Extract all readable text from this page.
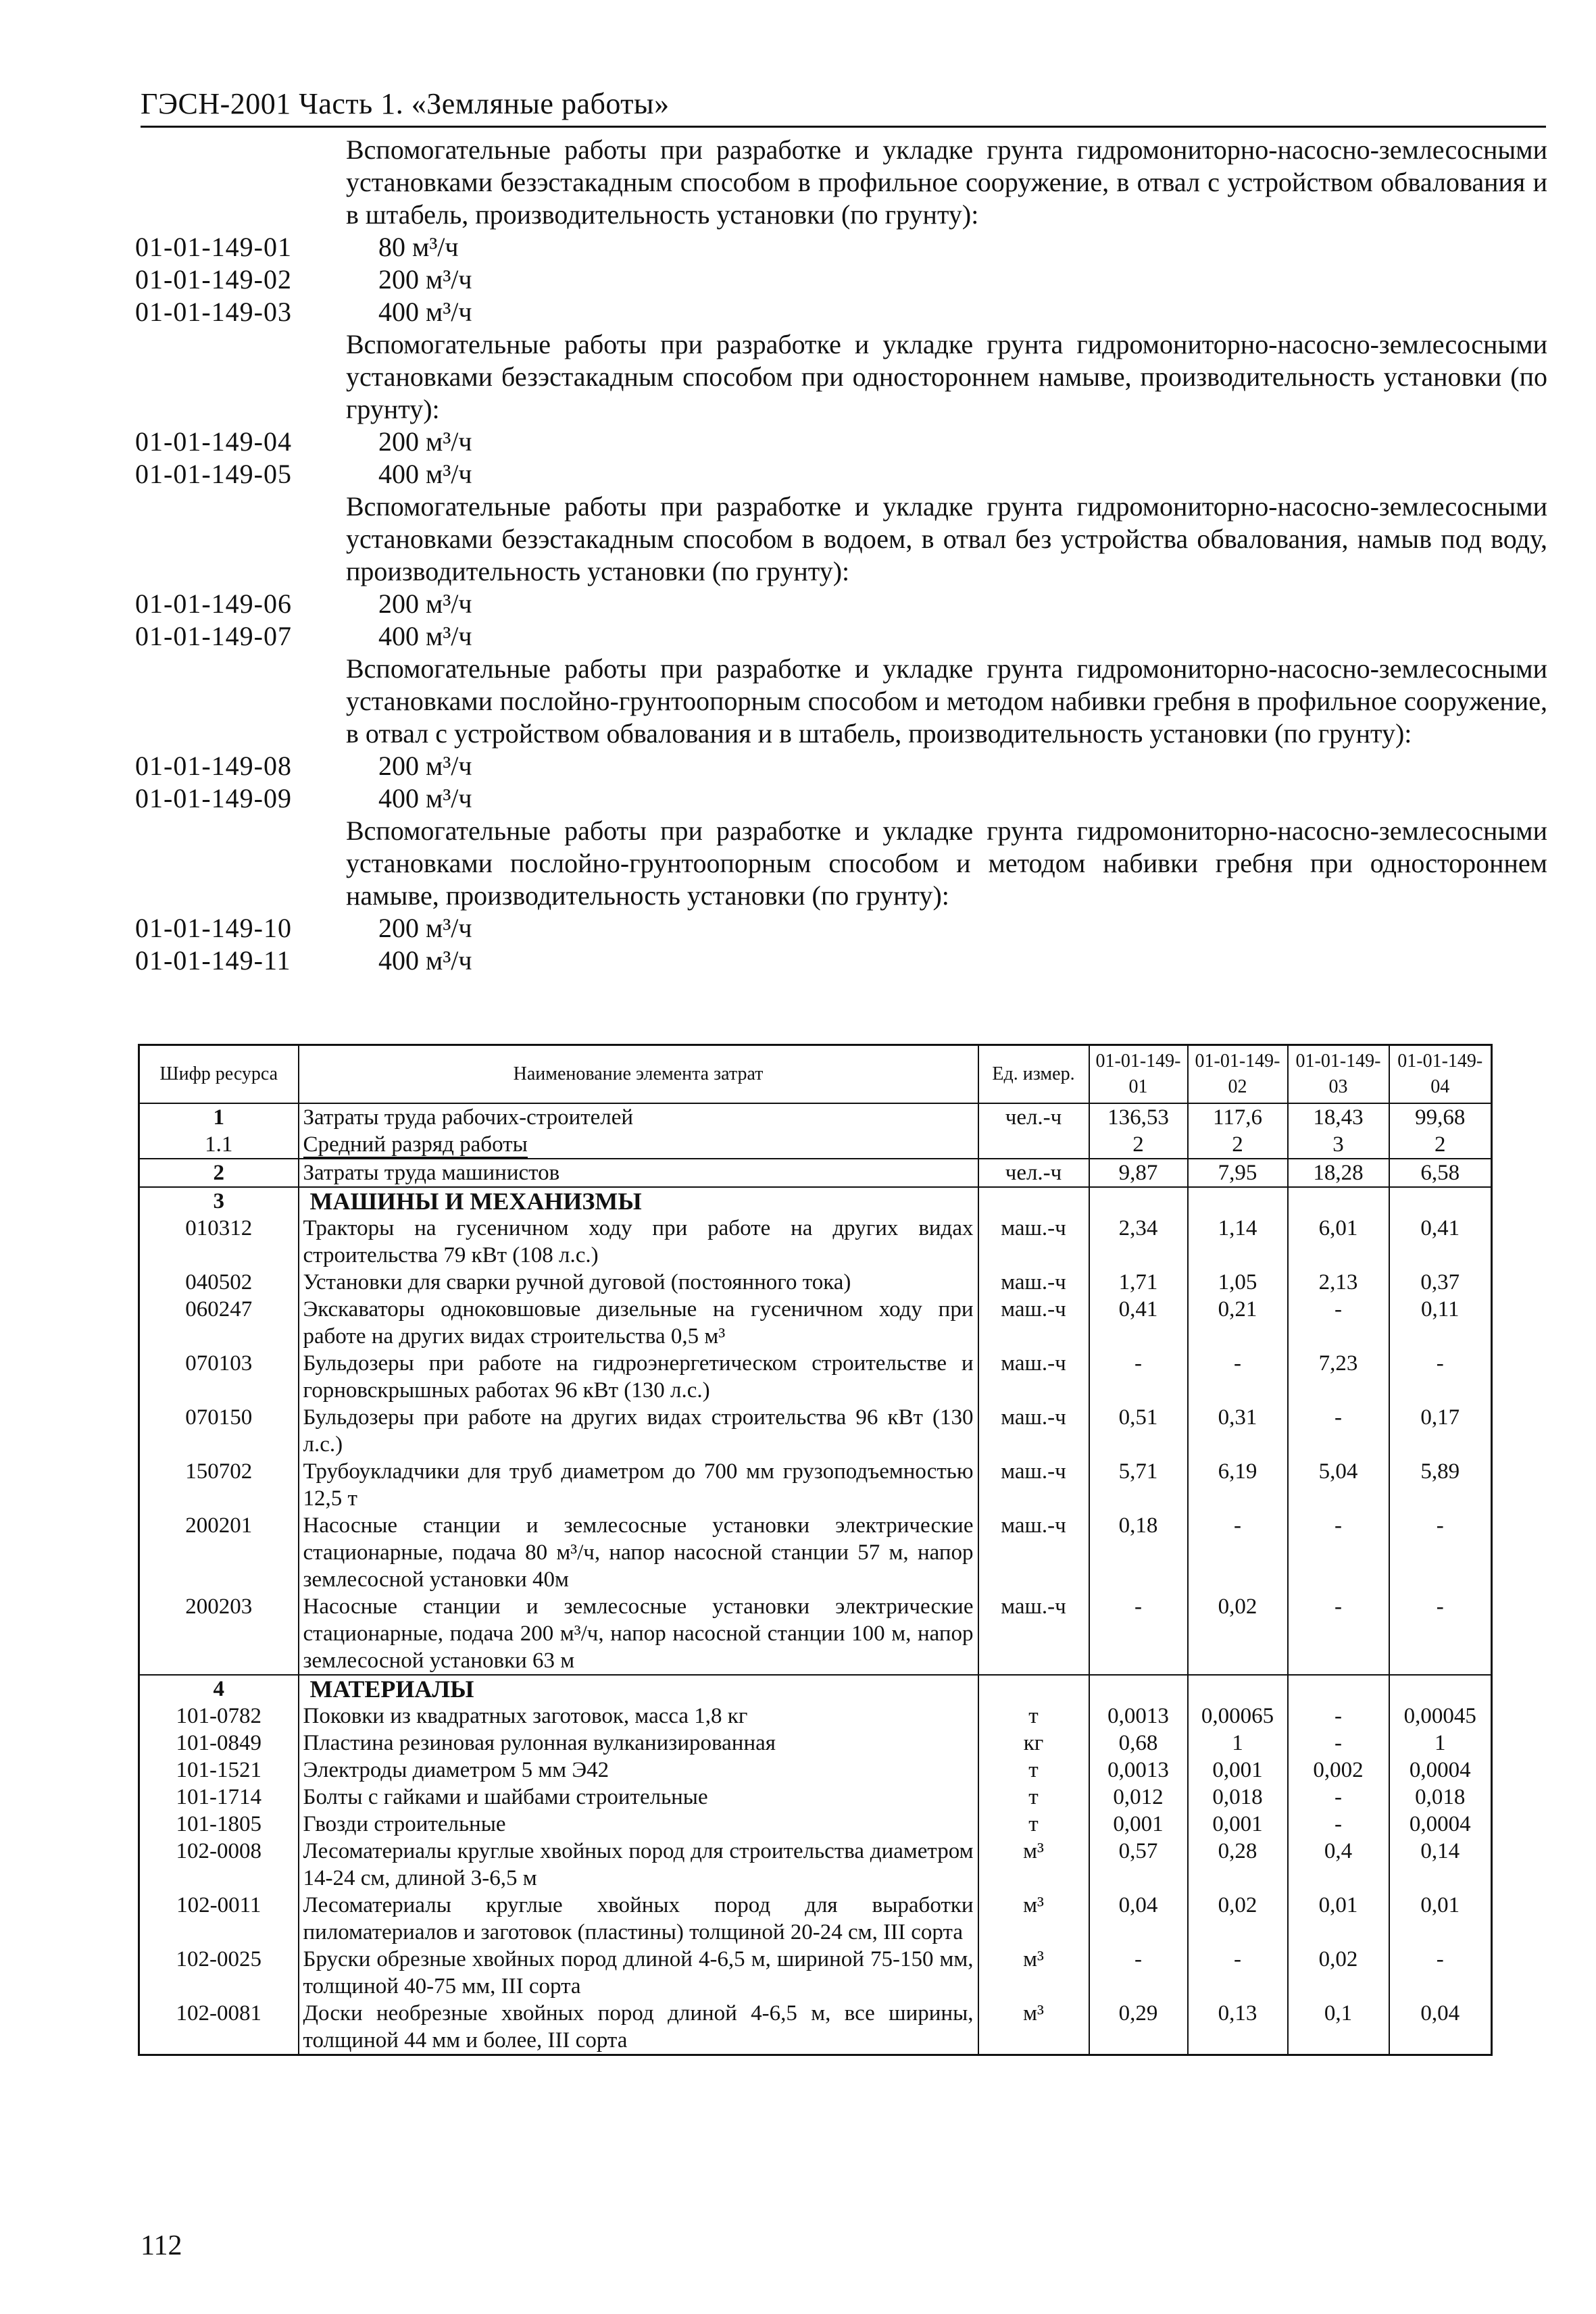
ГЭСН-2001 Часть 1. «Земляные работы»
Вспомогательные работы при разработке и укладке грунта гидромониторно-насосно-землесосными установками безэстакадным способом в профильное сооружение, в отвал с устройством обвалования и в штабель, производительность установки (по грунту):
01-01-149-01	80 м³/ч
01-01-149-02	200 м³/ч
01-01-149-03	400 м³/ч
Вспомогательные работы при разработке и укладке грунта гидромониторно-насосно-землесосными установками безэстакадным способом при одностороннем намыве, производительность установки (по грунту):
01-01-149-04	200 м³/ч
01-01-149-05	400 м³/ч
Вспомогательные работы при разработке и укладке грунта гидромониторно-насосно-землесосными установками безэстакадным способом в водоем, в отвал без устройства обвалования, намыв под воду, производительность установки (по грунту):
01-01-149-06	200 м³/ч
01-01-149-07	400 м³/ч
Вспомогательные работы при разработке и укладке грунта гидромониторно-насосно-землесосными установками послойно-грунтоопорным способом и методом набивки гребня в профильное сооружение, в отвал с устройством обвалования и в штабель, производительность установки (по грунту):
01-01-149-08	200 м³/ч
01-01-149-09	400 м³/ч
Вспомогательные работы при разработке и укладке грунта гидромониторно-насосно-землесосными установками послойно-грунтоопорным способом и методом набивки гребня при одностороннем намыве, производительность установки (по грунту):
01-01-149-10	200 м³/ч
01-01-149-11	400 м³/ч
Шифр ресурса	Наименование элемента затрат	Ед. измер.	01-01-149-01	01-01-149-02	01-01-149-03	01-01-149-04
1	Затраты труда рабочих-строителей	чел.-ч	136,53	117,6	18,43	99,68
1.1	Средний разряд работы		2	2	3	2
2	Затраты труда машинистов	чел.-ч	9,87	7,95	18,28	6,58
3	МАШИНЫ И МЕХАНИЗМЫ					
010312	Тракторы на гусеничном ходу при работе на других видах строительства 79 кВт (108 л.с.)	маш.-ч	2,34	1,14	6,01	0,41
040502	Установки для сварки ручной дуговой (постоянного тока)	маш.-ч	1,71	1,05	2,13	0,37
060247	Экскаваторы одноковшовые дизельные на гусеничном ходу при работе на других видах строительства 0,5 м³	маш.-ч	0,41	0,21	-	0,11
070103	Бульдозеры при работе на гидроэнергетическом строительстве и горновскрышных работах 96 кВт (130 л.с.)	маш.-ч	-	-	7,23	-
070150	Бульдозеры при работе на других видах строительства 96 кВт (130 л.с.)	маш.-ч	0,51	0,31	-	0,17
150702	Трубоукладчики для труб диаметром до 700 мм грузоподъемностью 12,5 т	маш.-ч	5,71	6,19	5,04	5,89
200201	Насосные станции и землесосные установки электрические стационарные, подача 80 м³/ч, напор насосной станции 57 м, напор землесосной установки 40м	маш.-ч	0,18	-	-	-
200203	Насосные станции и землесосные установки электрические стационарные, подача 200 м³/ч, напор насосной станции 100 м, напор землесосной установки 63 м	маш.-ч	-	0,02	-	-
4	МАТЕРИАЛЫ					
101-0782	Поковки из квадратных заготовок, масса 1,8 кг	т	0,0013	0,00065	-	0,00045
101-0849	Пластина резиновая рулонная вулканизированная	кг	0,68	1	-	1
101-1521	Электроды диаметром 5 мм Э42	т	0,0013	0,001	0,002	0,0004
101-1714	Болты с гайками и шайбами строительные	т	0,012	0,018	-	0,018
101-1805	Гвозди строительные	т	0,001	0,001	-	0,0004
102-0008	Лесоматериалы круглые хвойных пород для строительства диаметром 14-24 см, длиной 3-6,5 м	м³	0,57	0,28	0,4	0,14
102-0011	Лесоматериалы круглые хвойных пород для выработки пиломатериалов и заготовок (пластины) толщиной 20-24 см, III сорта	м³	0,04	0,02	0,01	0,01
102-0025	Бруски обрезные хвойных пород длиной 4-6,5 м, шириной 75-150 мм, толщиной 40-75 мм, III сорта	м³	-	-	0,02	-
102-0081	Доски необрезные хвойных пород длиной 4-6,5 м, все ширины, толщиной 44 мм и более, III сорта	м³	0,29	0,13	0,1	0,04
112
